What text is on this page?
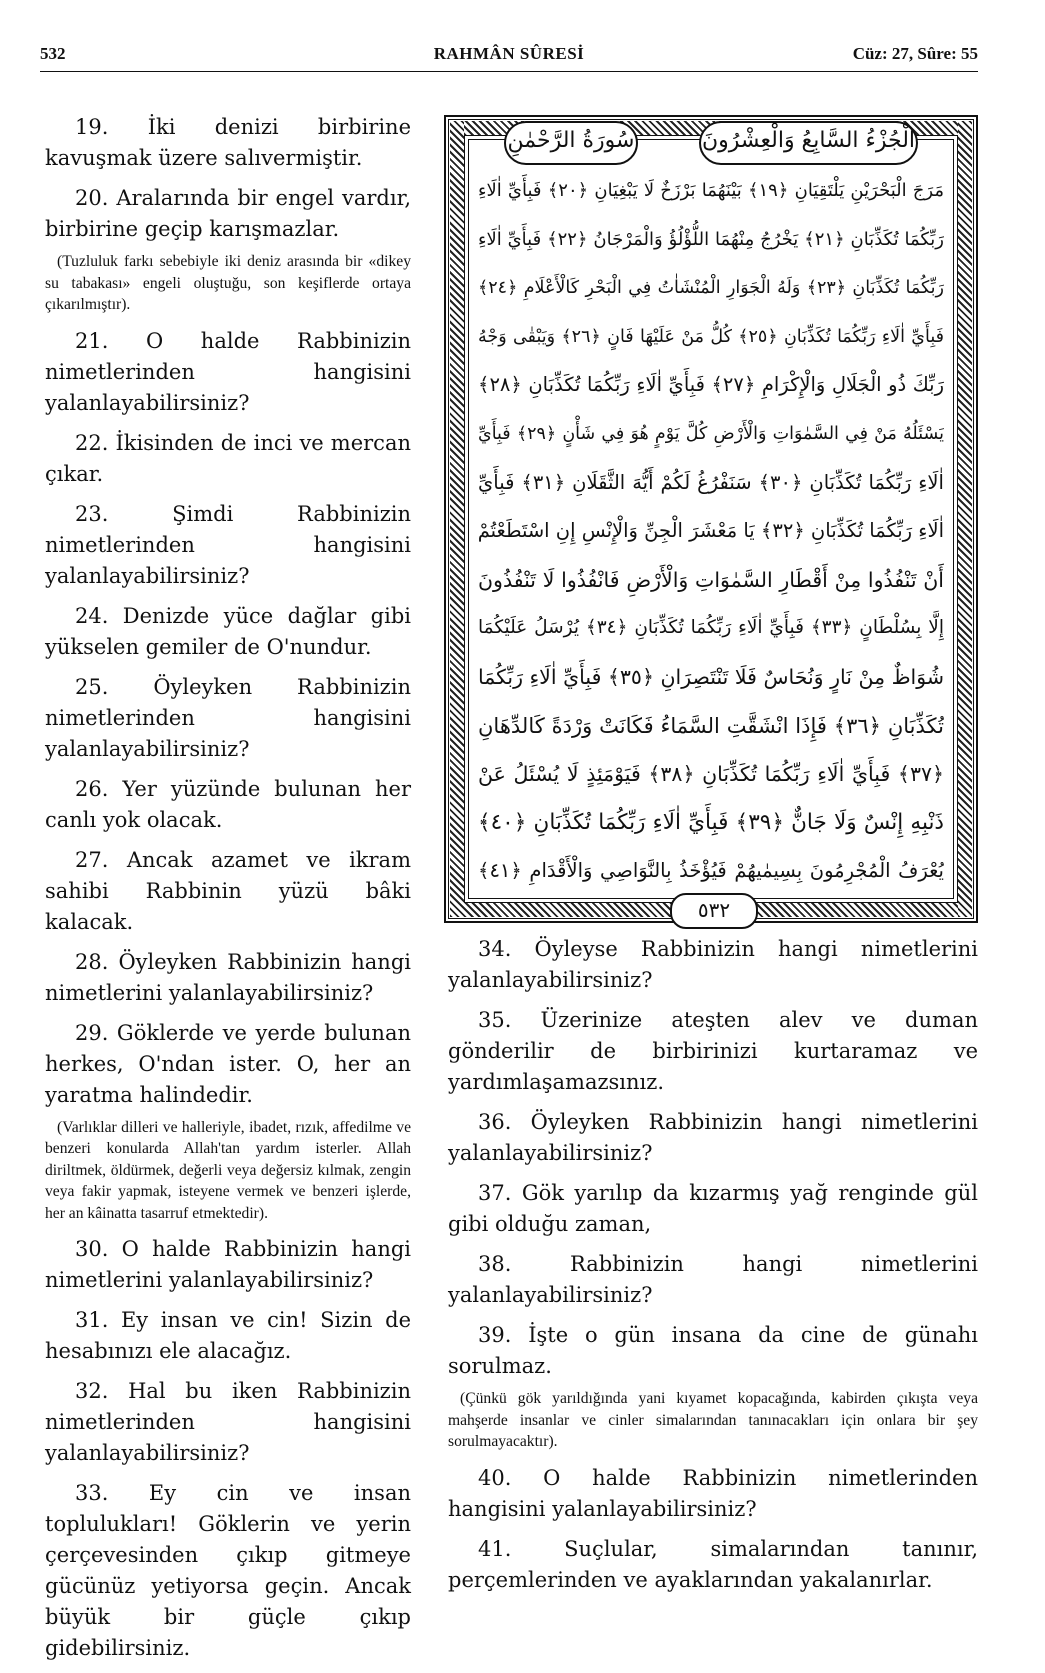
532	RAHMÂN SÛRESİ	Cüz: 27, Sûre: 55

19. İki denizi birbirine kavuşmak üzere salıvermiştir.

20. Aralarında bir engel vardır, birbirine geçip karışmazlar.

(Tuzluluk farkı sebebiyle iki deniz arasında bir «dikey su tabakası» engeli oluştuğu, son keşiflerde ortaya çıkarılmıştır).

21. O halde Rabbinizin nimetlerinden hangisini yalanlayabilirsiniz?

22. İkisinden de inci ve mercan çıkar.

23. Şimdi Rabbinizin nimetlerinden hangisini yalanlayabilirsiniz?

24. Denizde yüce dağlar gibi yükselen gemiler de O'nundur.

25. Öyleyken Rabbinizin nimetlerinden hangisini yalanlayabilirsiniz?

26. Yer yüzünde bulunan her canlı yok olacak.

27. Ancak azamet ve ikram sahibi Rabbinin yüzü bâki kalacak.

28. Öyleyken Rabbinizin hangi nimetlerini yalanlayabilirsiniz?

29. Göklerde ve yerde bulunan herkes, O'ndan ister. O, her an yaratma halindedir.

(Varlıklar dilleri ve halleriyle, ibadet, rızık, affedilme ve benzeri konularda Allah'tan yardım isterler. Allah diriltmek, öldürmek, değerli veya değersiz kılmak, zengin veya fakir yapmak, isteyene vermek ve benzeri işlerde, her an kâinatta tasarruf etmektedir).

30. O halde Rabbinizin hangi nimetlerini yalanlayabilirsiniz?

31. Ey insan ve cin! Sizin de hesabınızı ele alacağız.

32. Hal bu iken Rabbinizin nimetlerinden hangisini yalanlayabilirsiniz?

33. Ey cin ve insan toplulukları! Göklerin ve yerin çerçevesinden çıkıp gitmeye gücünüz yetiyorsa geçin. Ancak büyük bir güçle çıkıp gidebilirsiniz.

سُورَةُ الرَّحْمٰنِ	الْجُزْءُ السَّابِعُ وَالْعِشْرُونَ
مَرَجَ الْبَحْرَيْنِ يَلْتَقِيَانِ ﴿١٩﴾ بَيْنَهُمَا بَرْزَخٌ لَا يَبْغِيَانِ ﴿٢٠﴾ فَبِأَيِّ اٰلَاءِ
رَبِّكُمَا تُكَذِّبَانِ ﴿٢١﴾ يَخْرُجُ مِنْهُمَا اللُّؤْلُؤُ وَالْمَرْجَانُ ﴿٢٢﴾ فَبِأَيِّ اٰلَاءِ
رَبِّكُمَا تُكَذِّبَانِ ﴿٢٣﴾ وَلَهُ الْجَوَارِ الْمُنْشَاٰتُ فِي الْبَحْرِ كَالْأَعْلَامِ ﴿٢٤﴾
فَبِأَيِّ اٰلَاءِ رَبِّكُمَا تُكَذِّبَانِ ﴿٢٥﴾ كُلُّ مَنْ عَلَيْهَا فَانٍ ﴿٢٦﴾ وَيَبْقٰى وَجْهُ
رَبِّكَ ذُو الْجَلَالِ وَالْإِكْرَامِ ﴿٢٧﴾ فَبِأَيِّ اٰلَاءِ رَبِّكُمَا تُكَذِّبَانِ ﴿٢٨﴾
يَسْئَلُهُ مَنْ فِي السَّمٰوَاتِ وَالْأَرْضِ كُلَّ يَوْمٍ هُوَ فِي شَأْنٍ ﴿٢٩﴾ فَبِأَيِّ
اٰلَاءِ رَبِّكُمَا تُكَذِّبَانِ ﴿٣٠﴾ سَنَفْرُغُ لَكُمْ أَيُّهَ الثَّقَلَانِ ﴿٣١﴾ فَبِأَيِّ
اٰلَاءِ رَبِّكُمَا تُكَذِّبَانِ ﴿٣٢﴾ يَا مَعْشَرَ الْجِنِّ وَالْإِنْسِ إِنِ اسْتَطَعْتُمْ
أَنْ تَنْفُذُوا مِنْ أَقْطَارِ السَّمٰوَاتِ وَالْأَرْضِ فَانْفُذُوا لَا تَنْفُذُونَ
إِلَّا بِسُلْطَانٍ ﴿٣٣﴾ فَبِأَيِّ اٰلَاءِ رَبِّكُمَا تُكَذِّبَانِ ﴿٣٤﴾ يُرْسَلُ عَلَيْكُمَا
شُوَاظٌ مِنْ نَارٍ وَنُحَاسٌ فَلَا تَنْتَصِرَانِ ﴿٣٥﴾ فَبِأَيِّ اٰلَاءِ رَبِّكُمَا
تُكَذِّبَانِ ﴿٣٦﴾ فَإِذَا انْشَقَّتِ السَّمَاءُ فَكَانَتْ وَرْدَةً كَالدِّهَانِ
﴿٣٧﴾ فَبِأَيِّ اٰلَاءِ رَبِّكُمَا تُكَذِّبَانِ ﴿٣٨﴾ فَيَوْمَئِذٍ لَا يُسْئَلُ عَنْ
ذَنْبِهِ إِنْسٌ وَلَا جَانٌّ ﴿٣٩﴾ فَبِأَيِّ اٰلَاءِ رَبِّكُمَا تُكَذِّبَانِ ﴿٤٠﴾
يُعْرَفُ الْمُجْرِمُونَ بِسِيمٰيهُمْ فَيُؤْخَذُ بِالنَّوَاصِي وَالْأَقْدَامِ ﴿٤١﴾
٥٣٢

34. Öyleyse Rabbinizin hangi nimetlerini yalanlayabilirsiniz?

35. Üzerinize ateşten alev ve duman gönderilir de birbirinizi kurtaramaz ve yardımlaşamazsınız.

36. Öyleyken Rabbinizin hangi nimetlerini yalanlayabilirsiniz?

37. Gök yarılıp da kızarmış yağ renginde gül gibi olduğu zaman,

38. Rabbinizin hangi nimetlerini yalanlayabilirsiniz?

39. İşte o gün insana da cine de günahı sorulmaz.

(Çünkü gök yarıldığında yani kıyamet kopacağında, kabirden çıkışta veya mahşerde insanlar ve cinler simalarından tanınacakları için onlara bir şey sorulmayacaktır).

40. O halde Rabbinizin nimetlerinden hangisini yalanlayabilirsiniz?

41. Suçlular, simalarından tanınır, perçemlerinden ve ayaklarından yakalanırlar.
